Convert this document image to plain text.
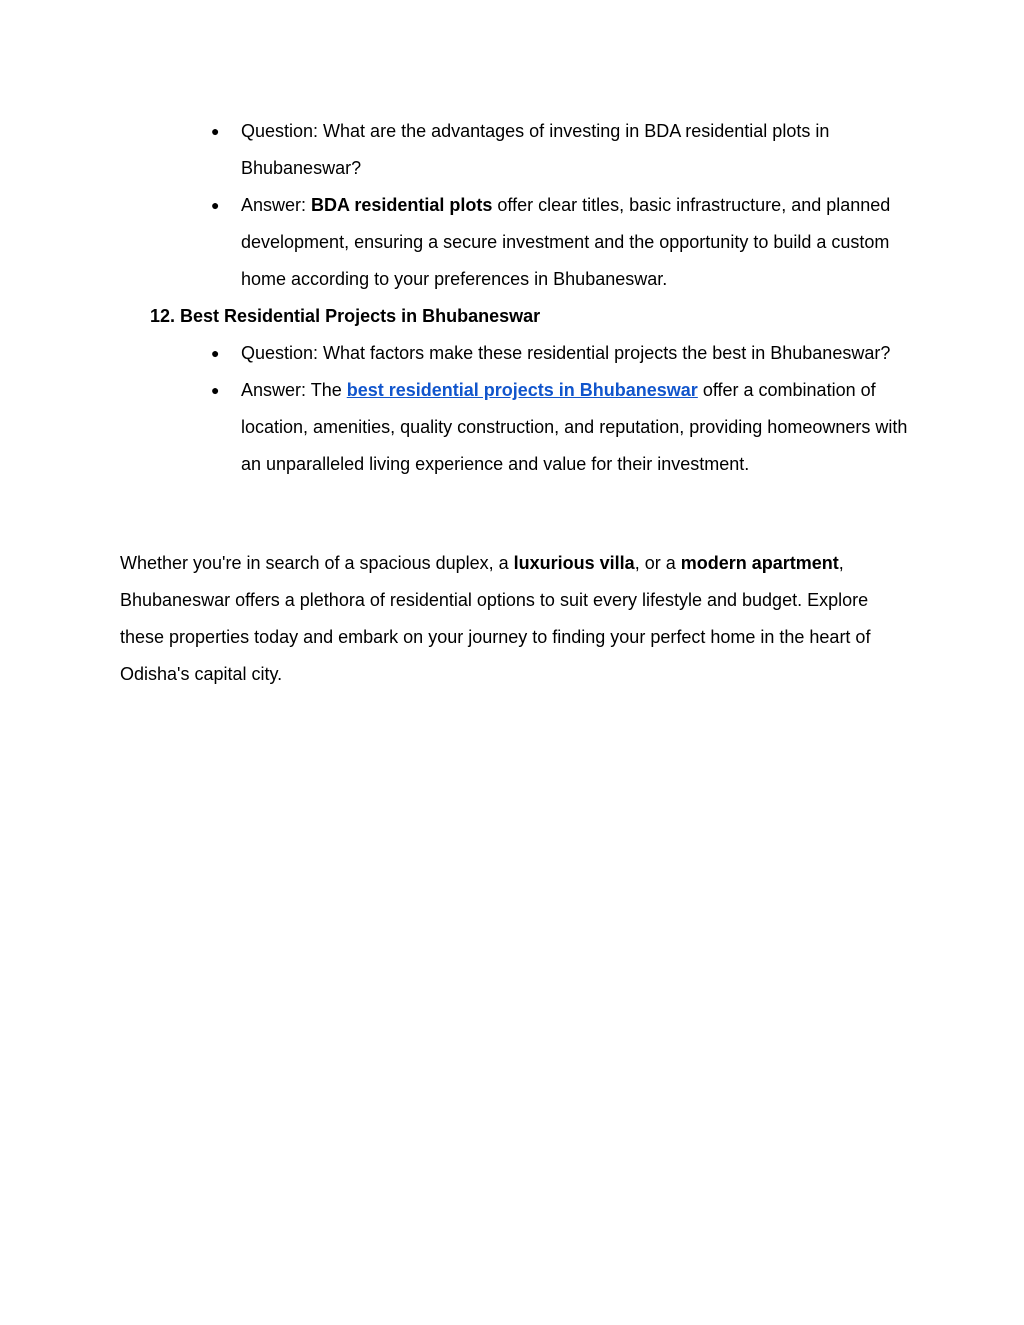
● Question: What are the advantages of investing in BDA residential plots in Bhubaneswar?
● Answer: BDA residential plots offer clear titles, basic infrastructure, and planned development, ensuring a secure investment and the opportunity to build a custom home according to your preferences in Bhubaneswar.
12. Best Residential Projects in Bhubaneswar
● Question: What factors make these residential projects the best in Bhubaneswar?
● Answer: The best residential projects in Bhubaneswar offer a combination of location, amenities, quality construction, and reputation, providing homeowners with an unparalleled living experience and value for their investment.

Whether you're in search of a spacious duplex, a luxurious villa, or a modern apartment, Bhubaneswar offers a plethora of residential options to suit every lifestyle and budget. Explore these properties today and embark on your journey to finding your perfect home in the heart of Odisha's capital city.
